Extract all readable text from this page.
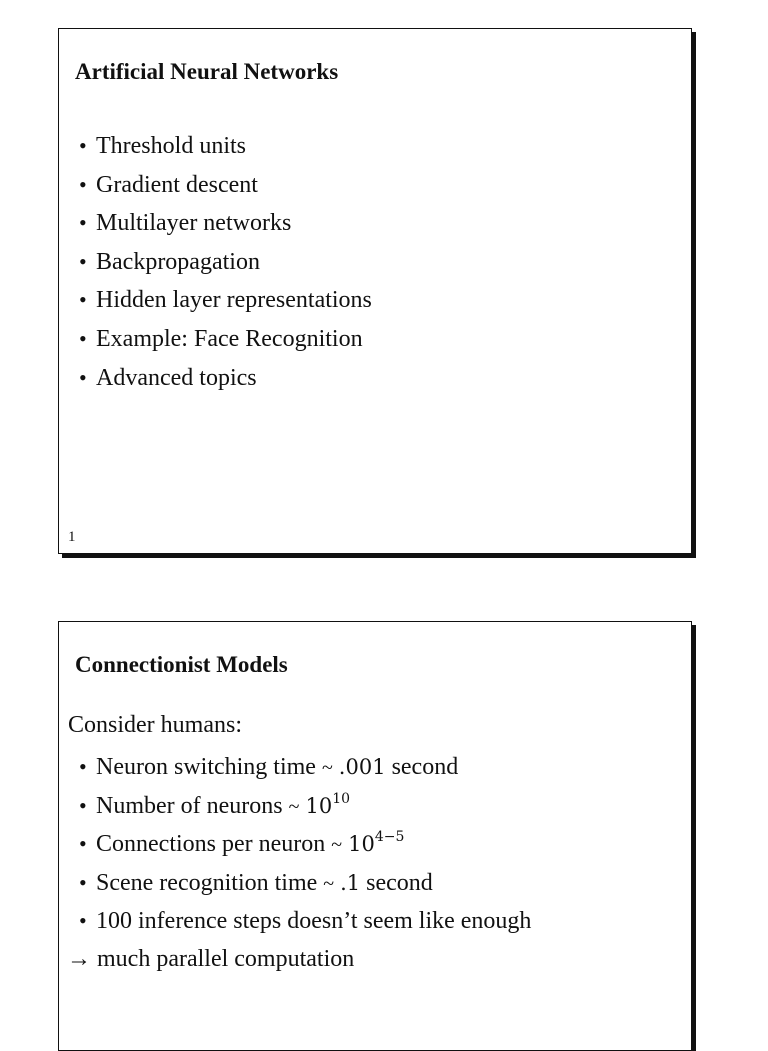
Artificial Neural Networks
• Threshold units
• Gradient descent
• Multilayer networks
• Backpropagation
• Hidden layer representations
• Example: Face Recognition
• Advanced topics
1
Connectionist Models
Consider humans:
• Neuron switching time ~ .001 second
• Number of neurons ~ $10^{10}$
• Connections per neuron ~ $10^{4-5}$
• Scene recognition time ~ .1 second
• 100 inference steps doesn’t seem like enough
→ much parallel computation
